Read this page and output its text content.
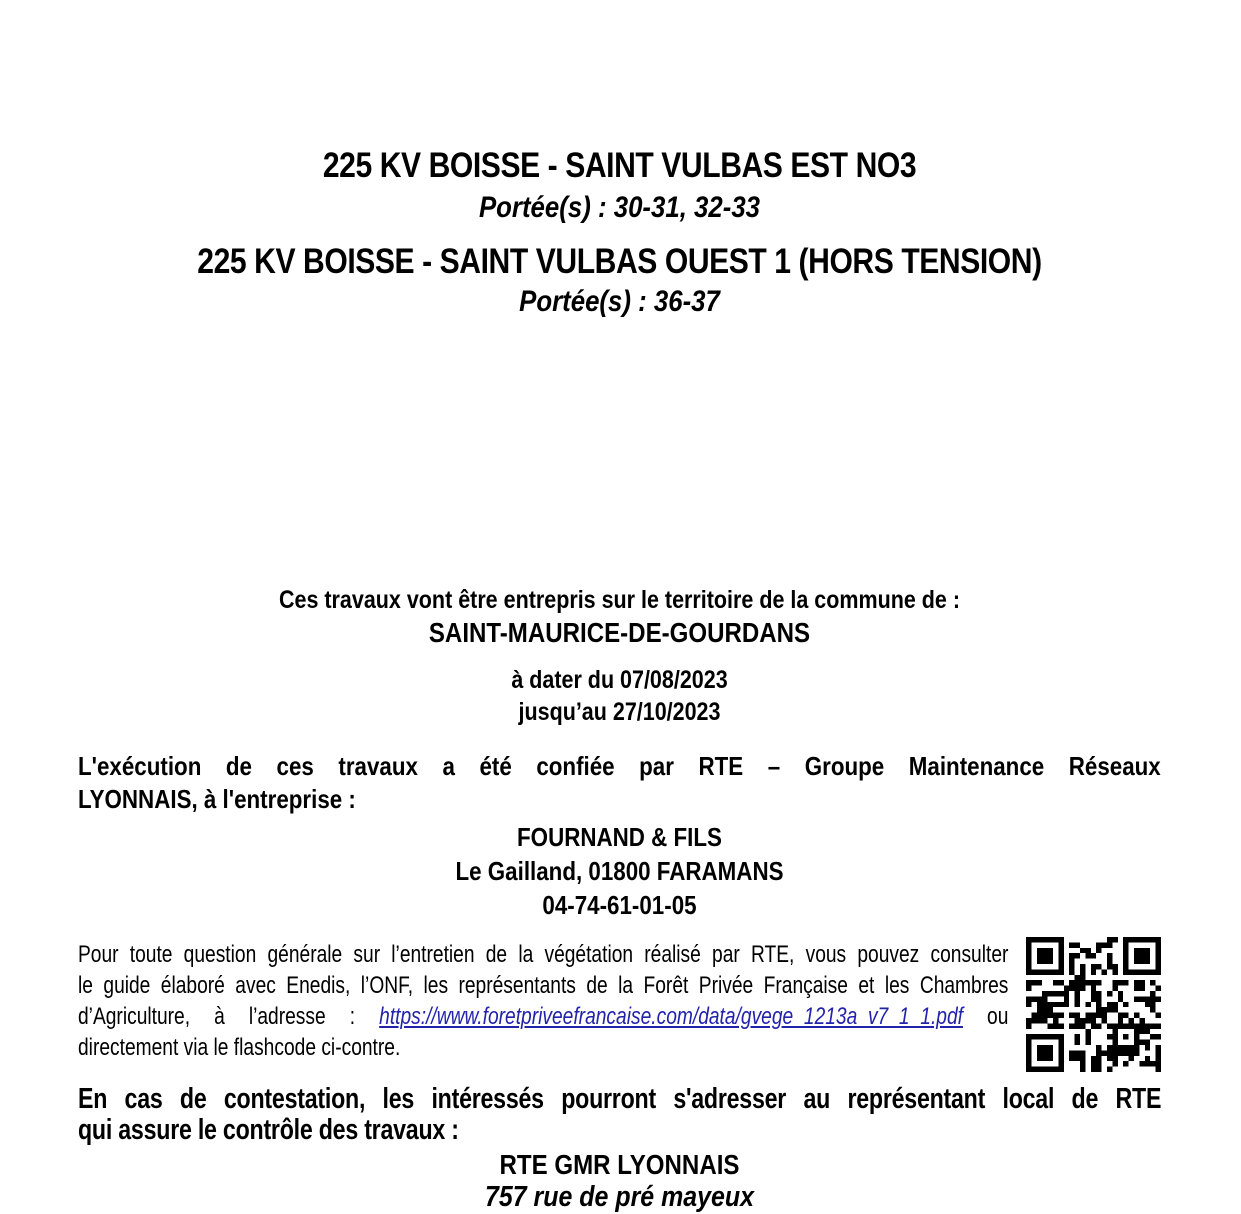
225 KV BOISSE - SAINT VULBAS EST NO3
Portée(s) : 30-31, 32-33
225 KV BOISSE - SAINT VULBAS OUEST 1 (HORS TENSION)
Portée(s) : 36-37
Ces travaux vont être entrepris sur le territoire de la commune de :
SAINT-MAURICE-DE-GOURDANS
à dater du 07/08/2023
jusqu’au 27/10/2023
L'exécution de ces travaux a été confiée par RTE – Groupe Maintenance Réseaux
LYONNAIS, à l'entreprise :
FOURNAND & FILS
Le Gailland, 01800 FARAMANS
04-74-61-01-05
Pour toute question générale sur l’entretien de la végétation réalisé par RTE, vous pouvez consulter
le guide élaboré avec Enedis, l’ONF, les représentants de la Forêt Privée Française et les Chambres
d’Agriculture, à l’adresse : https://www.foretpriveefrancaise.com/data/gvege_1213a_v7_1_1.pdf ou
directement via le flashcode ci-contre.
En cas de contestation, les intéressés pourront s'adresser au représentant local de RTE
qui assure le contrôle des travaux :
RTE GMR LYONNAIS
757 rue de pré mayeux
